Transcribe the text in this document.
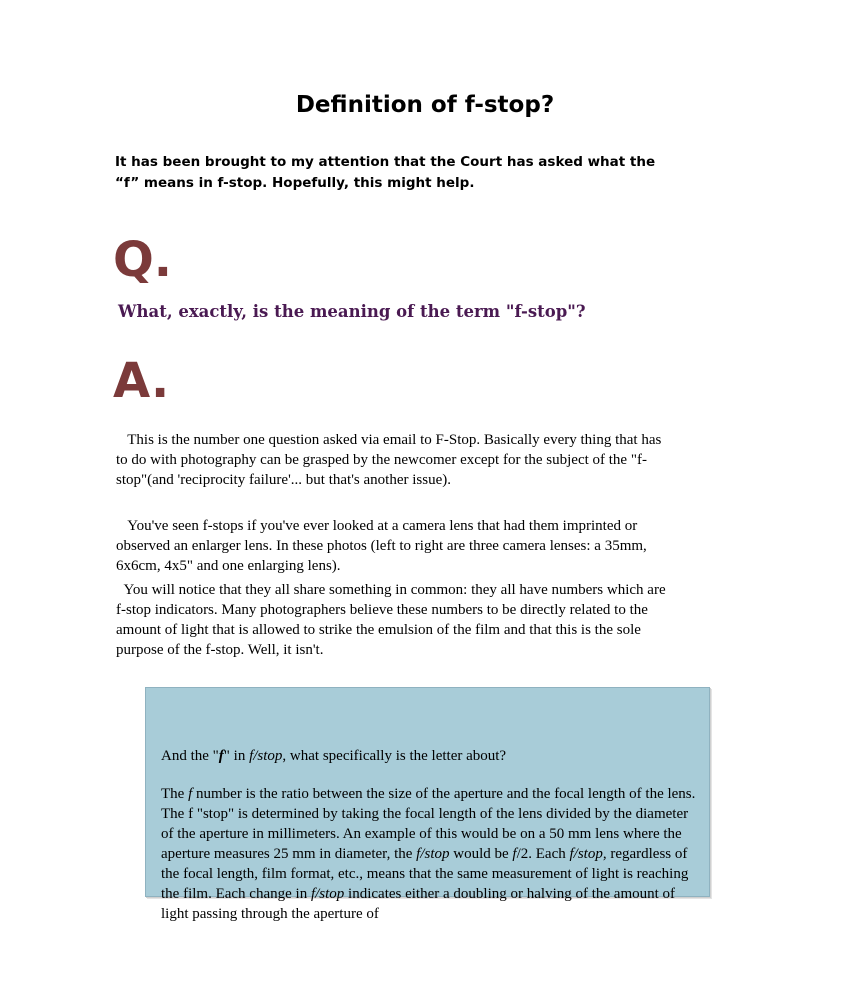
Definition of f-stop?

It has been brought to my attention that the Court has asked what the “f” means in f-stop. Hopefully, this might help.

Q.

What, exactly, is the meaning of the term "f-stop"?

A.

This is the number one question asked via email to F-Stop. Basically every thing that has to do with photography can be grasped by the newcomer except for the subject of the "f-stop"(and 'reciprocity failure'... but that's another issue).

You've seen f-stops if you've ever looked at a camera lens that had them imprinted or observed an enlarger lens. In these photos (left to right are three camera lenses: a 35mm, 6x6cm, 4x5" and one enlarging lens).

You will notice that they all share something in common: they all have numbers which are f-stop indicators. Many photographers believe these numbers to be directly related to the amount of light that is allowed to strike the emulsion of the film and that this is the sole purpose of the f-stop. Well, it isn't.

And the "f" in f/stop, what specifically is the letter about?

The f number is the ratio between the size of the aperture and the focal length of the lens. The f "stop" is determined by taking the focal length of the lens divided by the diameter of the aperture in millimeters. An example of this would be on a 50 mm lens where the aperture measures 25 mm in diameter, the f/stop would be f/2. Each f/stop, regardless of the focal length, film format, etc., means that the same measurement of light is reaching the film. Each change in f/stop indicates either a doubling or halving of the amount of light passing through the aperture of
